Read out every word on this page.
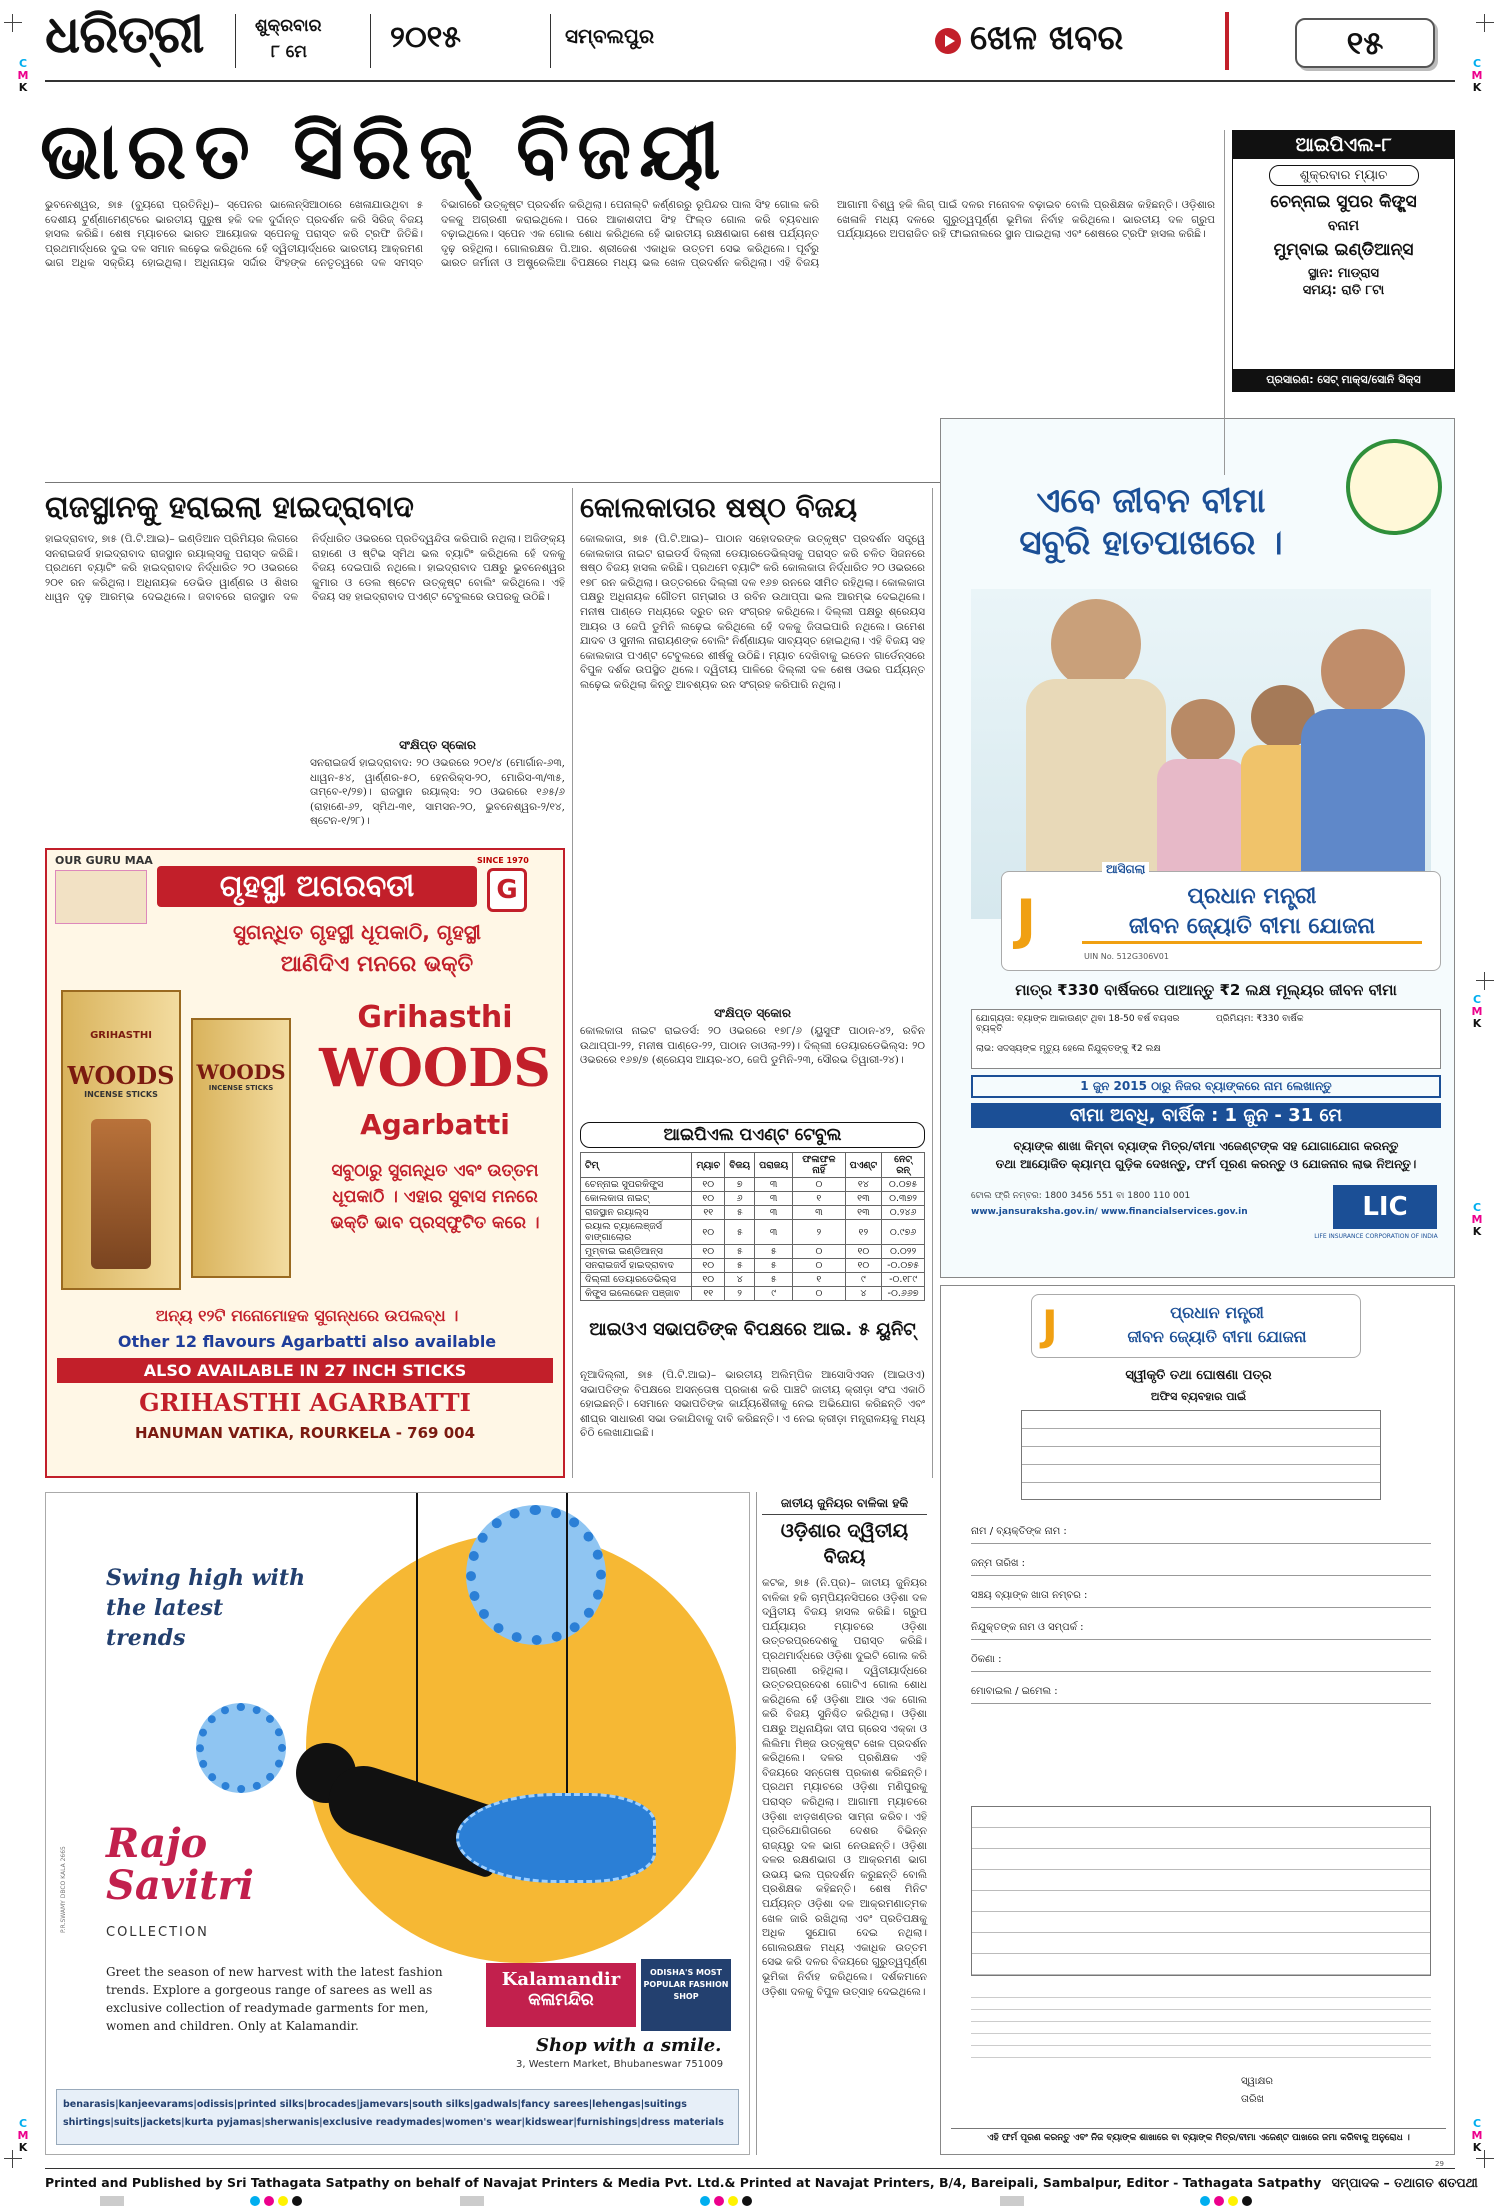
ଧରିତ୍ରୀ	ଶୁକ୍ରବାର
୮ ମେ	୨୦୧୫	ସମ୍ବଲପୁର	ଖେଳ ଖବର	୧୫
ଭାରତ ସିରିଜ୍ ବିଜୟୀ
ଭୁବନେଶ୍ୱର, ୭ା୫ (ବ୍ୟୁରୋ ପ୍ରତିନିଧି)– ସ୍ପେନର ଭାଲେନ୍ସିଆଠାରେ ଖେଳାଯାଉଥିବା ୫ ଦେଶୀୟ ଟୁର୍ଣ୍ଣାମେଣ୍ଟରେ ଭାରତୀୟ ପୁରୁଷ ହକି ଦଳ ଦୁର୍ଦ୍ଦାନ୍ତ ପ୍ରଦର୍ଶନ କରି ସିରିଜ୍ ବିଜୟ ହାସଲ କରିଛି। ଶେଷ ମ୍ୟାଚରେ ଭାରତ ଆୟୋଜକ ସ୍ପେନକୁ ପରାସ୍ତ କରି ଟ୍ରଫି ଜିତିଛି। ପ୍ରଥମାର୍ଦ୍ଧରେ ଦୁଇ ଦଳ ସମାନ ଲଢ଼େଇ କରିଥିଲେ ହେଁ ଦ୍ୱିତୀୟାର୍ଦ୍ଧରେ ଭାରତୀୟ ଆକ୍ରମଣ ଭାଗ ଅଧିକ ସକ୍ରିୟ ହୋଇଥିଲା। ଅଧିନାୟକ ସର୍ଦ୍ଦାର ସିଂହଙ୍କ ନେତୃତ୍ୱରେ ଦଳ ସମସ୍ତ ବିଭାଗରେ ଉତ୍କୃଷ୍ଟ ପ୍ରଦର୍ଶନ କରିଥିଲା। ପେନାଲ୍ଟି କର୍ଣ୍ଣରରୁ ରୂପିନ୍ଦର ପାଲ ସିଂହ ଗୋଲ କରି ଦଳକୁ ଅଗ୍ରଣୀ କରାଇଥିଲେ। ପରେ ଆକାଶଦୀପ ସିଂହ ଫିଲ୍ଡ ଗୋଲ କରି ବ୍ୟବଧାନ ବଢ଼ାଇଥିଲେ। ସ୍ପେନ ଏକ ଗୋଲ ଶୋଧ କରିଥିଲେ ହେଁ ଭାରତୀୟ ରକ୍ଷଣଭାଗ ଶେଷ ପର୍ଯ୍ୟନ୍ତ ଦୃଢ଼ ରହିଥିଲା। ଗୋଲରକ୍ଷକ ପି.ଆର. ଶ୍ରୀଜେଶ ଏକାଧିକ ଉତ୍ତମ ସେଭ କରିଥିଲେ। ପୂର୍ବରୁ ଭାରତ ଜର୍ମାନୀ ଓ ଅଷ୍ଟ୍ରେଲିଆ ବିପକ୍ଷରେ ମଧ୍ୟ ଭଲ ଖେଳ ପ୍ରଦର୍ଶନ କରିଥିଲା। ଏହି ବିଜୟ ଆଗାମୀ ବିଶ୍ୱ ହକି ଲିଗ୍ ପାଇଁ ଦଳର ମନୋବଳ ବଢ଼ାଇବ ବୋଲି ପ୍ରଶିକ୍ଷକ କହିଛନ୍ତି। ଓଡ଼ିଶାର ଖେଳାଳି ମଧ୍ୟ ଦଳରେ ଗୁରୁତ୍ୱପୂର୍ଣ୍ଣ ଭୂମିକା ନିର୍ବାହ କରିଥିଲେ। ଭାରତୀୟ ଦଳ ଗ୍ରୁପ ପର୍ଯ୍ୟାୟରେ ଅପରାଜିତ ରହି ଫାଇନାଲରେ ସ୍ଥାନ ପାଇଥିଲା ଏବଂ ଶେଷରେ ଟ୍ରଫି ହାସଲ କରିଛି।
ଆଇପିଏଲ-୮
ଶୁକ୍ରବାର ମ୍ୟାଚ
ଚେନ୍ନାଇ ସୁପର କିଙ୍ଗ୍ସ
ବନାମ
ମୁମ୍ବାଇ ଇଣ୍ଡିଆନ୍ସ
ସ୍ଥାନ: ମାଡ୍ରାସ
ସମୟ: ରାତି ୮ଟା
ପ୍ରସାରଣ: ସେଟ୍ ମାକ୍ସ/ସୋନି ସିକ୍ସ
ରାଜସ୍ଥାନକୁ ହରାଇଲା ହାଇଦ୍ରାବାଦ
ହାଇଦ୍ରାବାଦ, ୭ା୫ (ପି.ଟି.ଆଇ)– ଇଣ୍ଡିଆନ ପ୍ରିମିୟର ଲିଗରେ ସନରାଇଜର୍ସ ହାଇଦ୍ରାବାଦ ରାଜସ୍ଥାନ ରୟାଲ୍ସକୁ ପରାସ୍ତ କରିଛି। ପ୍ରଥମେ ବ୍ୟାଟିଂ କରି ହାଇଦ୍ରାବାଦ ନିର୍ଦ୍ଧାରିତ ୨୦ ଓଭରରେ ୨୦୧ ରନ କରିଥିଲା। ଅଧିନାୟକ ଡେଭିଡ ୱାର୍ଣ୍ଣର ଓ ଶିଖର ଧାୱନ ଦୃଢ଼ ଆରମ୍ଭ ଦେଇଥିଲେ। ଜବାବରେ ରାଜସ୍ଥାନ ଦଳ ନିର୍ଦ୍ଧାରିତ ଓଭରରେ ପ୍ରତିଦ୍ୱନ୍ଦିତା କରିପାରି ନଥିଲା। ଅଜିଙ୍କ୍ୟ ରାହାଣେ ଓ ଷ୍ଟିଭ ସ୍ମିଥ ଭଲ ବ୍ୟାଟିଂ କରିଥିଲେ ହେଁ ଦଳକୁ ବିଜୟ ଦେଇପାରି ନଥିଲେ। ହାଇଦ୍ରାବାଦ ପକ୍ଷରୁ ଭୁବନେଶ୍ୱର କୁମାର ଓ ଡେଲ ଷ୍ଟେନ ଉତ୍କୃଷ୍ଟ ବୋଲିଂ କରିଥିଲେ। ଏହି ବିଜୟ ସହ ହାଇଦ୍ରାବାଦ ପଏଣ୍ଟ ଟେବୁଲରେ ଉପରକୁ ଉଠିଛି।
ସଂକ୍ଷିପ୍ତ ସ୍କୋର
ସନରାଇଜର୍ସ ହାଇଦ୍ରାବାଦ: ୨୦ ଓଭରରେ ୨୦୧/୪ (ମୋର୍ଗାନ-୬୩, ଧାୱନ-୫୪, ୱାର୍ଣ୍ଣର-୫୦, ହେନରିକ୍ସ-୨୦, ମୋରିସ-୩/୩୫, ତାମ୍ବେ-୧/୨୭)। ରାଜସ୍ଥାନ ରୟାଲ୍ସ: ୨୦ ଓଭରରେ ୧୬୫/୬ (ରାହାଣେ-୬୨, ସ୍ମିଥ-୩୧, ସାମସନ-୨୦, ଭୁବନେଶ୍ୱର-୨/୧୪, ଷ୍ଟେନ-୧/୨୮)।
OUR GURU MAA	SINCE 1970
ଗୃହସ୍ଥୀ ଅଗରବତୀ	G
ସୁଗନ୍ଧିତ ଗୃହସ୍ଥୀ ଧୂପକାଠି, ଗୃହସ୍ଥୀ
ଆଣିଦିଏ ମନରେ ଭକ୍ତି
GRIHASTHI
WOODS
INCENSE STICKS
WOODS
INCENSE STICKS
Grihasthi
WOODS
Agarbatti
ସବୁଠାରୁ ସୁଗନ୍ଧିତ ଏବଂ ଉତ୍ତମ ଧୂପକାଠି । ଏହାର ସୁବାସ ମନରେ ଭକ୍ତି ଭାବ ପ୍ରସ୍ଫୁଟିତ କରେ ।
ଅନ୍ୟ ୧୨ଟି ମନୋମୋହକ ସୁଗନ୍ଧରେ ଉପଲବ୍ଧ ।
Other 12 flavours Agarbatti also available
ALSO AVAILABLE IN 27 INCH STICKS
GRIHASTHI AGARBATTI
HANUMAN VATIKA, ROURKELA - 769 004
କୋଲକାତାର ଷଷ୍ଠ ବିଜୟ
କୋଲକାତା, ୭ା୫ (ପି.ଟି.ଆଇ)– ପାଠାନ ସହୋଦରଙ୍କ ଉତ୍କୃଷ୍ଟ ପ୍ରଦର୍ଶନ ସତ୍ତ୍ୱେ କୋଲକାତା ନାଇଟ ରାଇଡର୍ସ ଦିଲ୍ଲୀ ଡେୟାରଡେଭିଲ୍ସକୁ ପରାସ୍ତ କରି ଚଳିତ ସିଜନରେ ଷଷ୍ଠ ବିଜୟ ହାସଲ କରିଛି। ପ୍ରଥମେ ବ୍ୟାଟିଂ କରି କୋଲକାତା ନିର୍ଦ୍ଧାରିତ ୨୦ ଓଭରରେ ୧୭୮ ରନ କରିଥିଲା। ଉତ୍ତରରେ ଦିଲ୍ଲୀ ଦଳ ୧୬୭ ରନରେ ସୀମିତ ରହିଥିଲା। କୋଲକାତା ପକ୍ଷରୁ ଅଧିନାୟକ ଗୌତମ ଗମ୍ଭୀର ଓ ରବିନ ଉଥାପ୍ପା ଭଲ ଆରମ୍ଭ ଦେଇଥିଲେ। ମନୀଷ ପାଣ୍ଡେ ମଧ୍ୟରେ ଦ୍ରୁତ ରନ ସଂଗ୍ରହ କରିଥିଲେ। ଦିଲ୍ଲୀ ପକ୍ଷରୁ ଶ୍ରେୟସ ଆୟର ଓ ଜେପି ଡୁମିନି ଲଢ଼େଇ କରିଥିଲେ ହେଁ ଦଳକୁ ଜିତାଇପାରି ନଥିଲେ। ଉମେଶ ଯାଦବ ଓ ସୁନୀଲ ନାରାୟଣଙ୍କ ବୋଲିଂ ନିର୍ଣ୍ଣାୟକ ସାବ୍ୟସ୍ତ ହୋଇଥିଲା। ଏହି ବିଜୟ ସହ କୋଲକାତା ପଏଣ୍ଟ ଟେବୁଲରେ ଶୀର୍ଷକୁ ଉଠିଛି। ମ୍ୟାଚ ଦେଖିବାକୁ ଇଡେନ ଗାର୍ଡେନ୍ସରେ ବିପୁଳ ଦର୍ଶକ ଉପସ୍ଥିତ ଥିଲେ। ଦ୍ୱିତୀୟ ପାଳିରେ ଦିଲ୍ଲୀ ଦଳ ଶେଷ ଓଭର ପର୍ଯ୍ୟନ୍ତ ଲଢ଼େଇ କରିଥିଲା କିନ୍ତୁ ଆବଶ୍ୟକ ରନ ସଂଗ୍ରହ କରିପାରି ନଥିଲା।
ସଂକ୍ଷିପ୍ତ ସ୍କୋର
କୋଲକାତା ନାଇଟ ରାଇଡର୍ସ: ୨୦ ଓଭରରେ ୧୭୮/୬ (ୟୁସୁଫ ପାଠାନ-୪୨, ରବିନ ଉଥାପ୍ପା-୨୨, ମନୀଷ ପାଣ୍ଡେ-୨୨, ପାଠାନ ଡାଓଲା-୨୨)। ଦିଲ୍ଲୀ ଡେୟାରଡେଭିଲ୍ସ: ୨୦ ଓଭରରେ ୧୬୭/୭ (ଶ୍ରେୟସ ଆୟର-୪୦, ଜେପି ଡୁମିନି-୨୩, ସୌରଭ ତିୱାରୀ-୨୪)।
ଆଇପିଏଲ ପଏଣ୍ଟ ଟେବୁଲ
ଟିମ୍	ମ୍ୟାଚ	ବିଜୟ	ପରାଜୟ	ଫଳାଫଳ ନାହିଁ	ପଏଣ୍ଟ	ନେଟ୍ ରନ୍
ଚେନ୍ନାଇ ସୁପରକିଙ୍ଗ୍ସ	୧୦	୭	୩	୦	୧୪	୦.୦୭୫
କୋଲକାତା ନାଇଟ୍	୧୦	୬	୩	୧	୧୩	୦.୩୭୨
ରାଜସ୍ଥାନ ରୟାଲ୍ସ	୧୧	୫	୩	୩	୧୩	୦.୨୪୬
ରୟାଲ ଚ୍ୟାଲେଞ୍ଜର୍ସ ବାଙ୍ଗାଲୋର	୧୦	୫	୩	୨	୧୨	୦.୯୭୬
ମୁମ୍ବାଇ ଇଣ୍ଡିଆନ୍ସ	୧୦	୫	୫	୦	୧୦	୦.୦୨୨
ସନରାଇଜର୍ସ ହାଇଦ୍ରାବାଦ	୧୦	୫	୫	୦	୧୦	-୦.୦୭୫
ଦିଲ୍ଲୀ ଡେୟାରଡେଭିଲ୍ସ	୧୦	୪	୫	୧	୯	-୦.୧୮୯
କିଙ୍ଗ୍ସ ଇଲେଭେନ ପଞ୍ଜାବ	୧୧	୨	୯	୦	୪	-୦.୬୬୭
ଆଇଓଏ ସଭାପତିଙ୍କ ବିପକ୍ଷରେ ଆଇ. ୫ ୟୁନିଟ୍
ନୂଆଦିଲ୍ଲୀ, ୭ା୫ (ପି.ଟି.ଆଇ)– ଭାରତୀୟ ଅଲିମ୍ପିକ ଆସୋସିଏସନ (ଆଇଓଏ) ସଭାପତିଙ୍କ ବିପକ୍ଷରେ ଅସନ୍ତୋଷ ପ୍ରକାଶ କରି ପାଞ୍ଚଟି ଜାତୀୟ କ୍ରୀଡ଼ା ସଂଘ ଏକାଠି ହୋଇଛନ୍ତି। ସେମାନେ ସଭାପତିଙ୍କ କାର୍ଯ୍ୟଶୈଳୀକୁ ନେଇ ଅଭିଯୋଗ କରିଛନ୍ତି ଏବଂ ଶୀଘ୍ର ସାଧାରଣ ସଭା ଡକାଯିବାକୁ ଦାବି କରିଛନ୍ତି। ଏ ନେଇ କ୍ରୀଡ଼ା ମନ୍ତ୍ରାଳୟକୁ ମଧ୍ୟ ଚିଠି ଲେଖାଯାଇଛି।
ଏବେ ଜୀବନ ବୀମା
ସବୁରି ହାତପାଖରେ ।
ଆସିଗଲା
J	ପ୍ରଧାନ ମନ୍ତ୍ରୀ
ଜୀବନ ଜ୍ୟୋତି ବୀମା ଯୋଜନା
UIN No. 512G306V01
ମାତ୍ର ₹330 ବାର୍ଷିକରେ ପାଆନ୍ତୁ ₹2 ଲକ୍ଷ ମୂଲ୍ୟର ଜୀବନ ବୀମା
ଯୋଗ୍ୟତା: ବ୍ୟାଙ୍କ ଆକାଉଣ୍ଟ ଥିବା 18-50 ବର୍ଷ ବୟସର ବ୍ୟକ୍ତି
ପ୍ରିମିୟମ: ₹330 ବାର୍ଷିକ
ଲାଭ: ସଦସ୍ୟଙ୍କ ମୃତ୍ୟୁ ହେଲେ ନିଯୁକ୍ତଙ୍କୁ ₹2 ଲକ୍ଷ
1 ଜୁନ 2015 ଠାରୁ ନିଜର ବ୍ୟାଙ୍କରେ ନାମ ଲେଖାନ୍ତୁ
ବୀମା ଅବଧି, ବାର୍ଷିକ : 1 ଜୁନ - 31 ମେ
ବ୍ୟାଙ୍କ ଶାଖା କିମ୍ବା ବ୍ୟାଙ୍କ ମିତ୍ର/ବୀମା ଏଜେଣ୍ଟଙ୍କ ସହ ଯୋଗାଯୋଗ କରନ୍ତୁ
ତଥା ଆୟୋଜିତ କ୍ୟାମ୍ପ ଗୁଡ଼ିକ ଦେଖନ୍ତୁ, ଫର୍ମ ପୂରଣ କରନ୍ତୁ ଓ ଯୋଜନାର ଲାଭ ନିଅନ୍ତୁ।
ଟୋଲ ଫ୍ରି ନମ୍ବର: 1800 3456 551 ବା 1800 110 001
www.jansuraksha.gov.in/ www.financialservices.gov.in	LIC
LIFE INSURANCE CORPORATION OF INDIA
J	ପ୍ରଧାନ ମନ୍ତ୍ରୀ
ଜୀବନ ଜ୍ୟୋତି ବୀମା ଯୋଜନା
ସ୍ୱୀକୃତି ତଥା ଘୋଷଣା ପତ୍ର
ଅଫିସ ବ୍ୟବହାର ପାଇଁ
ନାମ / ବ୍ୟକ୍ତିଙ୍କ ନାମ :
ଜନ୍ମ ତାରିଖ :
ସଞ୍ଚୟ ବ୍ୟାଙ୍କ ଖାତା ନମ୍ବର :
ନିଯୁକ୍ତଙ୍କ ନାମ ଓ ସମ୍ପର୍କ :
ଠିକଣା :
ମୋବାଇଲ / ଇମେଲ :
ସ୍ୱାକ୍ଷର
ତାରିଖ
ଏହି ଫର୍ମ ପୂରଣ କରନ୍ତୁ ଏବଂ ନିଜ ବ୍ୟାଙ୍କ ଶାଖାରେ ବା ବ୍ୟାଙ୍କ ମିତ୍ର/ବୀମା ଏଜେଣ୍ଟ ପାଖରେ ଜମା କରିବାକୁ ଅନୁରୋଧ ।
Swing high with the latest trends
Rajo Savitri
COLLECTION
Greet the season of new harvest with the latest fashion trends. Explore a gorgeous range of sarees as well as exclusive collection of readymade garments for men, women and children. Only at Kalamandir.
Kalamandir
କଳାମନ୍ଦିର
ODISHA'S MOST POPULAR FASHION SHOP
Shop with a smile.
3, Western Market, Bhubaneswar 751009
P.R.SWAMY DBCO KALA 2665
benarasis|kanjeevarams|odissis|printed silks|brocades|jamevars|south silks|gadwals|fancy sarees|lehengas|suitings
shirtings|suits|jackets|kurta pyjamas|sherwanis|exclusive readymades|women's wear|kidswear|furnishings|dress materials
ଜାତୀୟ ଜୁନିୟର ବାଳିକା ହକି
ଓଡ଼ିଶାର ଦ୍ୱିତୀୟ ବିଜୟ
କଟକ, ୭ା୫ (ନି.ପ୍ର)– ଜାତୀୟ ଜୁନିୟର ବାଳିକା ହକି ଚାମ୍ପିୟନସିପରେ ଓଡ଼ିଶା ଦଳ ଦ୍ୱିତୀୟ ବିଜୟ ହାସଲ କରିଛି। ଗ୍ରୁପ ପର୍ଯ୍ୟାୟର ମ୍ୟାଚରେ ଓଡ଼ିଶା ଉତ୍ତରପ୍ରଦେଶକୁ ପରାସ୍ତ କରିଛି। ପ୍ରଥମାର୍ଦ୍ଧରେ ଓଡ଼ିଶା ଦୁଇଟି ଗୋଲ କରି ଅଗ୍ରଣୀ ରହିଥିଲା। ଦ୍ୱିତୀୟାର୍ଦ୍ଧରେ ଉତ୍ତରପ୍ରଦେଶ ଗୋଟିଏ ଗୋଲ ଶୋଧ କରିଥିଲେ ହେଁ ଓଡ଼ିଶା ଆଉ ଏକ ଗୋଲ କରି ବିଜୟ ସୁନିଶ୍ଚିତ କରିଥିଲା। ଓଡ଼ିଶା ପକ୍ଷରୁ ଅଧିନାୟିକା ଦୀପ ଗ୍ରେସ ଏକ୍କା ଓ ଲିଲିମା ମିଞ୍ଜ ଉତ୍କୃଷ୍ଟ ଖେଳ ପ୍ରଦର୍ଶନ କରିଥିଲେ। ଦଳର ପ୍ରଶିକ୍ଷକ ଏହି ବିଜୟରେ ସନ୍ତୋଷ ପ୍ରକାଶ କରିଛନ୍ତି। ପ୍ରଥମ ମ୍ୟାଚରେ ଓଡ଼ିଶା ମଣିପୁରକୁ ପରାସ୍ତ କରିଥିଲା। ଆଗାମୀ ମ୍ୟାଚରେ ଓଡ଼ିଶା ଝାଡ଼ଖଣ୍ଡର ସାମ୍ନା କରିବ। ଏହି ପ୍ରତିଯୋଗିତାରେ ଦେଶର ବିଭିନ୍ନ ରାଜ୍ୟରୁ ଦଳ ଭାଗ ନେଉଛନ୍ତି। ଓଡ଼ିଶା ଦଳର ରକ୍ଷଣଭାଗ ଓ ଆକ୍ରମଣ ଭାଗ ଉଭୟ ଭଲ ପ୍ରଦର୍ଶନ କରୁଛନ୍ତି ବୋଲି ପ୍ରଶିକ୍ଷକ କହିଛନ୍ତି। ଶେଷ ମିନିଟ ପର୍ଯ୍ୟନ୍ତ ଓଡ଼ିଶା ଦଳ ଆକ୍ରମଣାତ୍ମକ ଖେଳ ଜାରି ରଖିଥିଲା ଏବଂ ପ୍ରତିପକ୍ଷକୁ ଅଧିକ ସୁଯୋଗ ଦେଇ ନଥିଲା। ଗୋଲରକ୍ଷକ ମଧ୍ୟ ଏକାଧିକ ଉତ୍ତମ ସେଭ କରି ଦଳର ବିଜୟରେ ଗୁରୁତ୍ୱପୂର୍ଣ୍ଣ ଭୂମିକା ନିର୍ବାହ କରିଥିଲେ। ଦର୍ଶକମାନେ ଓଡ଼ିଶା ଦଳକୁ ବିପୁଳ ଉତ୍ସାହ ଦେଇଥିଲେ।
Printed and Published by Sri Tathagata Satpathy on behalf of Navajat Printers & Media Pvt. Ltd.& Printed at Navajat Printers, B/4, Bareipali, Sambalpur, Editor - Tathagata Satpathy ସମ୍ପାଦକ – ତଥାଗତ ଶତପଥୀ
29
C
M
K
C
M
K
C
M
K
C
M
K
C
M
K
C
M
K
